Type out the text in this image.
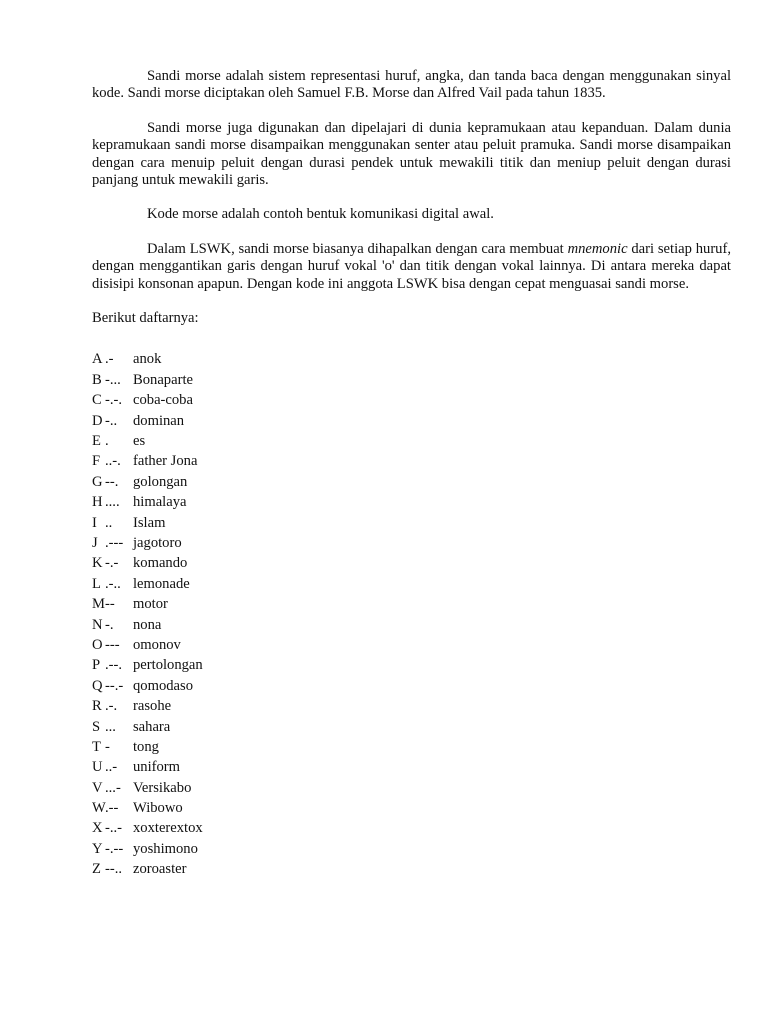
Sandi morse adalah sistem representasi huruf, angka, dan tanda baca dengan menggunakan sinyal kode. Sandi morse diciptakan oleh Samuel F.B. Morse dan Alfred Vail pada tahun 1835.

Sandi morse juga digunakan dan dipelajari di dunia kepramukaan atau kepanduan. Dalam dunia kepramukaan sandi morse disampaikan menggunakan senter atau peluit pramuka. Sandi morse disampaikan dengan cara menuip peluit dengan durasi pendek untuk mewakili titik dan meniup peluit dengan durasi panjang untuk mewakili garis.

Kode morse adalah contoh bentuk komunikasi digital awal.

Dalam LSWK, sandi morse biasanya dihapalkan dengan cara membuat mnemonic dari setiap huruf, dengan menggantikan garis dengan huruf vokal 'o' dan titik dengan vokal lainnya. Di antara mereka dapat disisipi konsonan apapun. Dengan kode ini anggota LSWK bisa dengan cepat menguasai sandi morse.

Berikut daftarnya:

A .- anok
B -... Bonaparte
C -.-. coba-coba
D -.. dominan
E . es
F ..-. father Jona
G --. golongan
H .... himalaya
I .. Islam
J .--- jagotoro
K -.- komando
L .-.. lemonade
M-- motor
N -. nona
O --- omonov
P .--. pertolongan
Q --.- qomodaso
R .-. rasohe
S ... sahara
T - tong
U ..- uniform
V ...- Versikabo
W.-- Wibowo
X -..- xoxterextox
Y -.-- yoshimono
Z --.. zoroaster
